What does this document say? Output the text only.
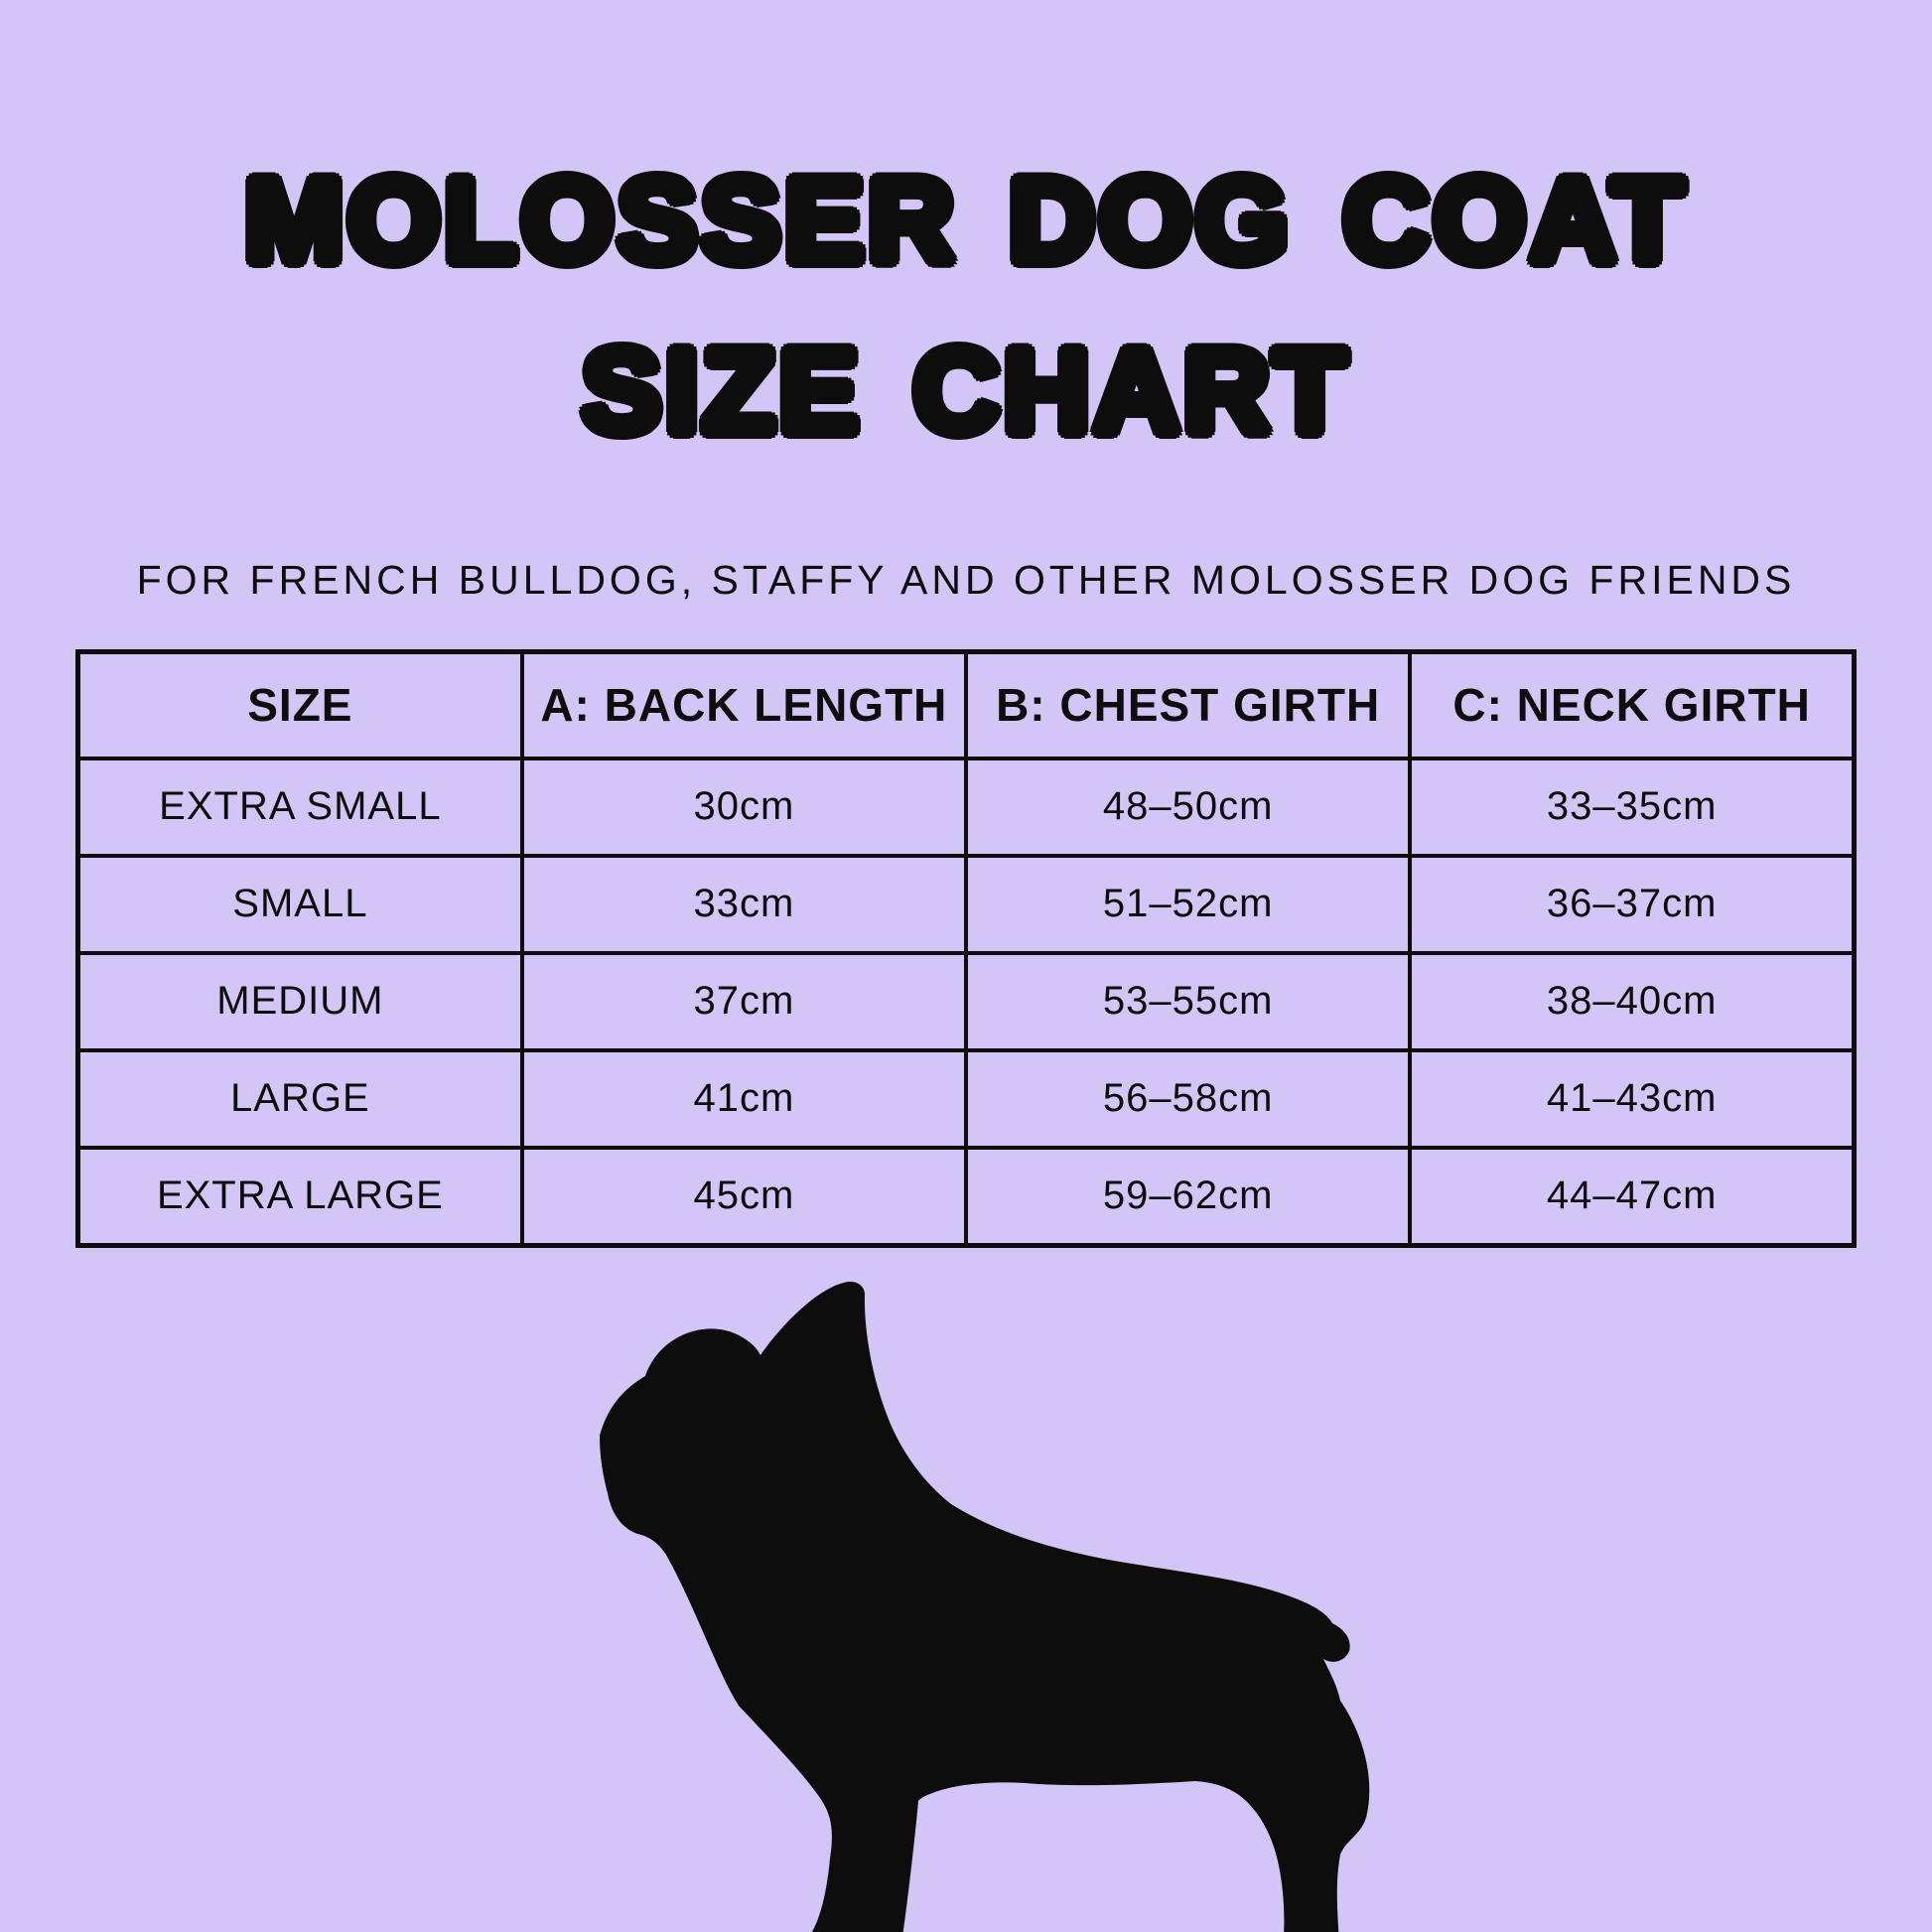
MOLOSSER DOG COAT
SIZE CHART

FOR FRENCH BULLDOG, STAFFY AND OTHER MOLOSSER DOG FRIENDS

SIZE	A: BACK LENGTH	B: CHEST GIRTH	C: NECK GIRTH
EXTRA SMALL	30cm	48–50cm	33–35cm
SMALL	33cm	51–52cm	36–37cm
MEDIUM	37cm	53–55cm	38–40cm
LARGE	41cm	56–58cm	41–43cm
EXTRA LARGE	45cm	59–62cm	44–47cm
